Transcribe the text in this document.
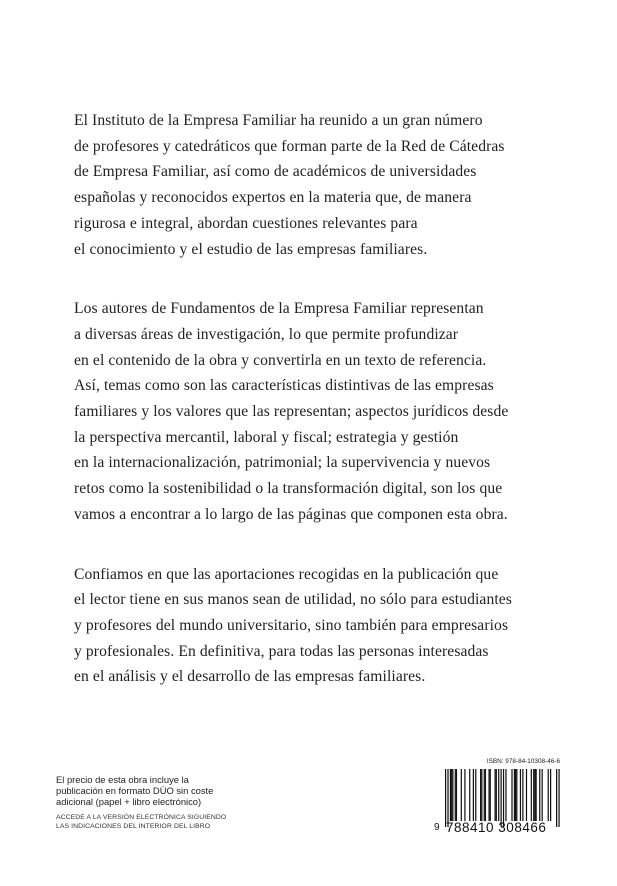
El Instituto de la Empresa Familiar ha reunido a un gran número
de profesores y catedráticos que forman parte de la Red de Cátedras
de Empresa Familiar, así como de académicos de universidades
españolas y reconocidos expertos en la materia que, de manera
rigurosa e integral, abordan cuestiones relevantes para
el conocimiento y el estudio de las empresas familiares.

Los autores de Fundamentos de la Empresa Familiar representan
a diversas áreas de investigación, lo que permite profundizar
en el contenido de la obra y convertirla en un texto de referencia.
Así, temas como son las características distintivas de las empresas
familiares y los valores que las representan; aspectos jurídicos desde
la perspectiva mercantil, laboral y fiscal; estrategia y gestión
en la internacionalización, patrimonial; la supervivencia y nuevos
retos como la sostenibilidad o la transformación digital, son los que
vamos a encontrar a lo largo de las páginas que componen esta obra.

Confiamos en que las aportaciones recogidas en la publicación que
el lector tiene en sus manos sean de utilidad, no sólo para estudiantes
y profesores del mundo universitario, sino también para empresarios
y profesionales. En definitiva, para todas las personas interesadas
en el análisis y el desarrollo de las empresas familiares.

El precio de esta obra incluye la
publicación en formato DÚO sin coste
adicional (papel + libro electrónico)
ACCEDE A LA VERSIÓN ELECTRÓNICA SIGUIENDO
LAS INDICACIONES DEL INTERIOR DEL LIBRO
ISBN: 978-84-10308-46-6
9 788410 308466
